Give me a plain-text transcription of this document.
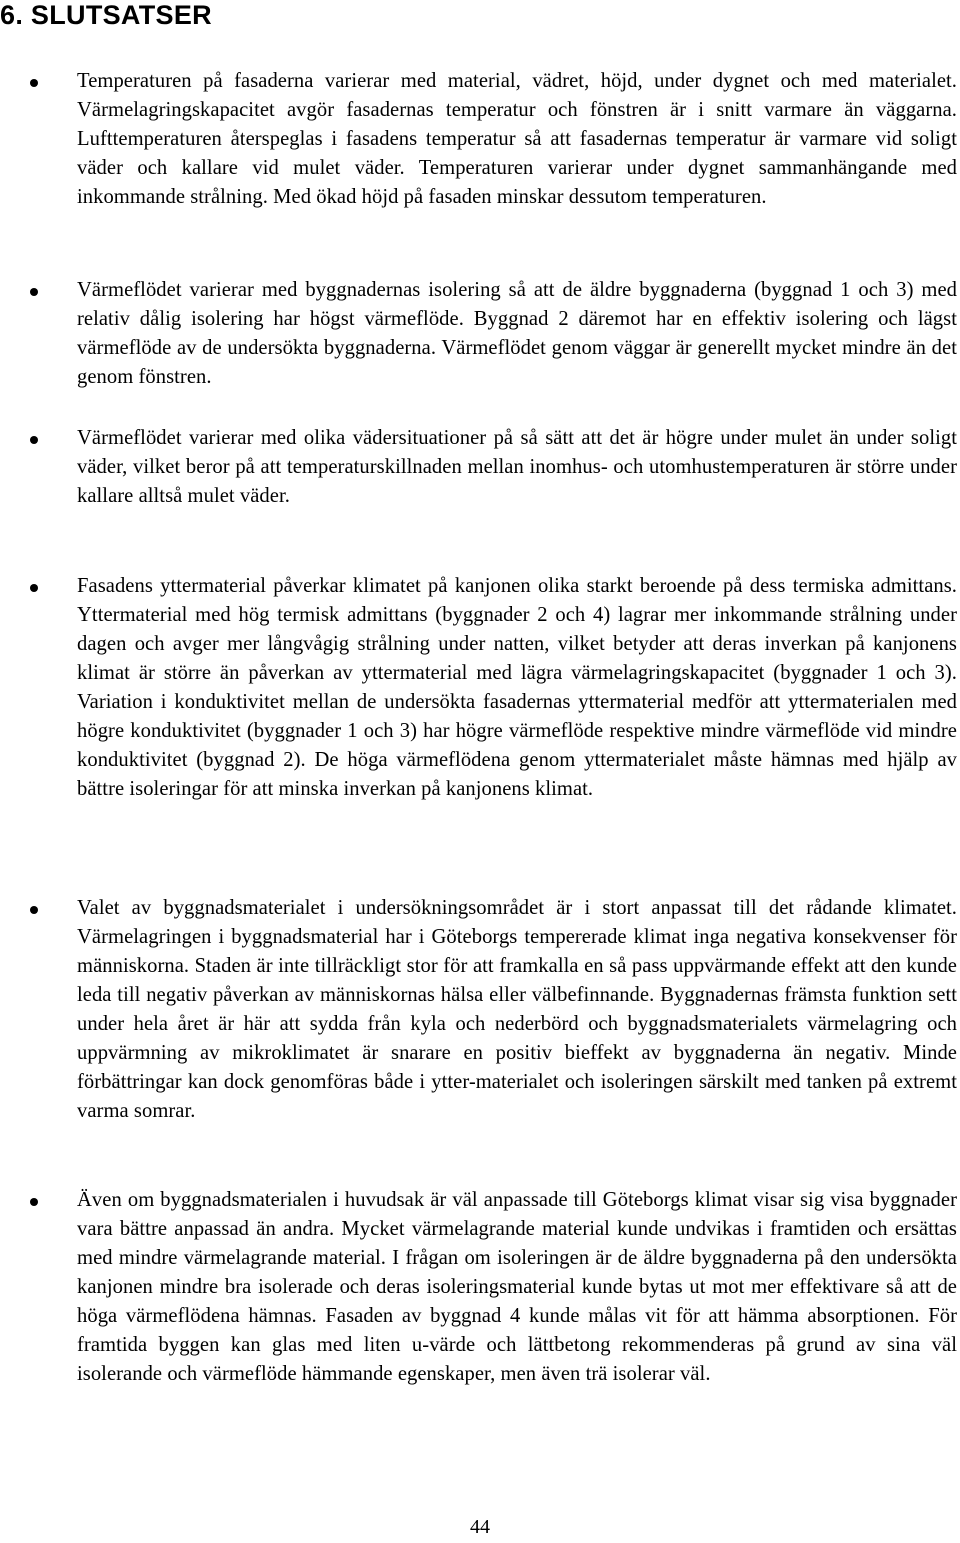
6. SLUTSATSER

Temperaturen på fasaderna varierar med material, vädret, höjd, under dygnet och med materialet. Värmelagringskapacitet avgör fasadernas temperatur och fönstren är i snitt varmare än väggarna. Lufttemperaturen återspeglas i fasadens temperatur så att fasadernas temperatur är varmare vid soligt väder och kallare vid mulet väder. Temperaturen varierar under dygnet sammanhängande med inkommande strålning. Med ökad höjd på fasaden minskar dessutom temperaturen.

Värmeflödet varierar med byggnadernas isolering så att de äldre byggnaderna (byggnad 1 och 3) med relativ dålig isolering har högst värmeflöde. Byggnad 2 däremot har en effektiv isolering och lägst värmeflöde av de undersökta byggnaderna. Värmeflödet genom väggar är generellt mycket mindre än det genom fönstren.

Värmeflödet varierar med olika vädersituationer på så sätt att det är högre under mulet än under soligt väder, vilket beror på att temperaturskillnaden mellan inomhus- och utomhustemperaturen är större under kallare alltså mulet väder.

Fasadens yttermaterial påverkar klimatet på kanjonen olika starkt beroende på dess termiska admittans. Yttermaterial med hög termisk admittans (byggnader 2 och 4) lagrar mer inkommande strålning under dagen och avger mer långvågig strålning under natten, vilket betyder att deras inverkan på kanjonens klimat är större än påverkan av yttermaterial med lägra värmelagringskapacitet (byggnader 1 och 3). Variation i konduktivitet mellan de undersökta fasadernas yttermaterial medför att yttermaterialen med högre konduktivitet (byggnader 1 och 3) har högre värmeflöde respektive mindre värmeflöde vid mindre konduktivitet (byggnad 2). De höga värmeflödena genom yttermaterialet måste hämnas med hjälp av bättre isoleringar för att minska inverkan på kanjonens klimat.

Valet av byggnadsmaterialet i undersökningsområdet är i stort anpassat till det rådande klimatet. Värmelagringen i byggnadsmaterial har i Göteborgs tempererade klimat inga negativa konsekvenser för människorna. Staden är inte tillräckligt stor för att framkalla en så pass uppvärmande effekt att den kunde leda till negativ påverkan av människornas hälsa eller välbefinnande. Byggnadernas främsta funktion sett under hela året är här att sydda från kyla och nederbörd och byggnadsmaterialets värmelagring och uppvärmning av mikroklimatet är snarare en positiv bieffekt av byggnaderna än negativ. Minde förbättringar kan dock genomföras både i ytter-materialet och isoleringen särskilt med tanken på extremt varma somrar.

Även om byggnadsmaterialen i huvudsak är väl anpassade till Göteborgs klimat visar sig visa byggnader vara bättre anpassad än andra. Mycket värmelagrande material kunde undvikas i framtiden och ersättas med mindre värmelagrande material. I frågan om isoleringen är de äldre byggnaderna på den undersökta kanjonen mindre bra isolerade och deras isoleringsmaterial kunde bytas ut mot mer effektivare så att de höga värmeflödena hämnas. Fasaden av byggnad 4 kunde målas vit för att hämma absorptionen. För framtida byggen kan glas med liten u-värde och lättbetong rekommenderas på grund av sina väl isolerande och värmeflöde hämmande egenskaper, men även trä isolerar väl.

44
